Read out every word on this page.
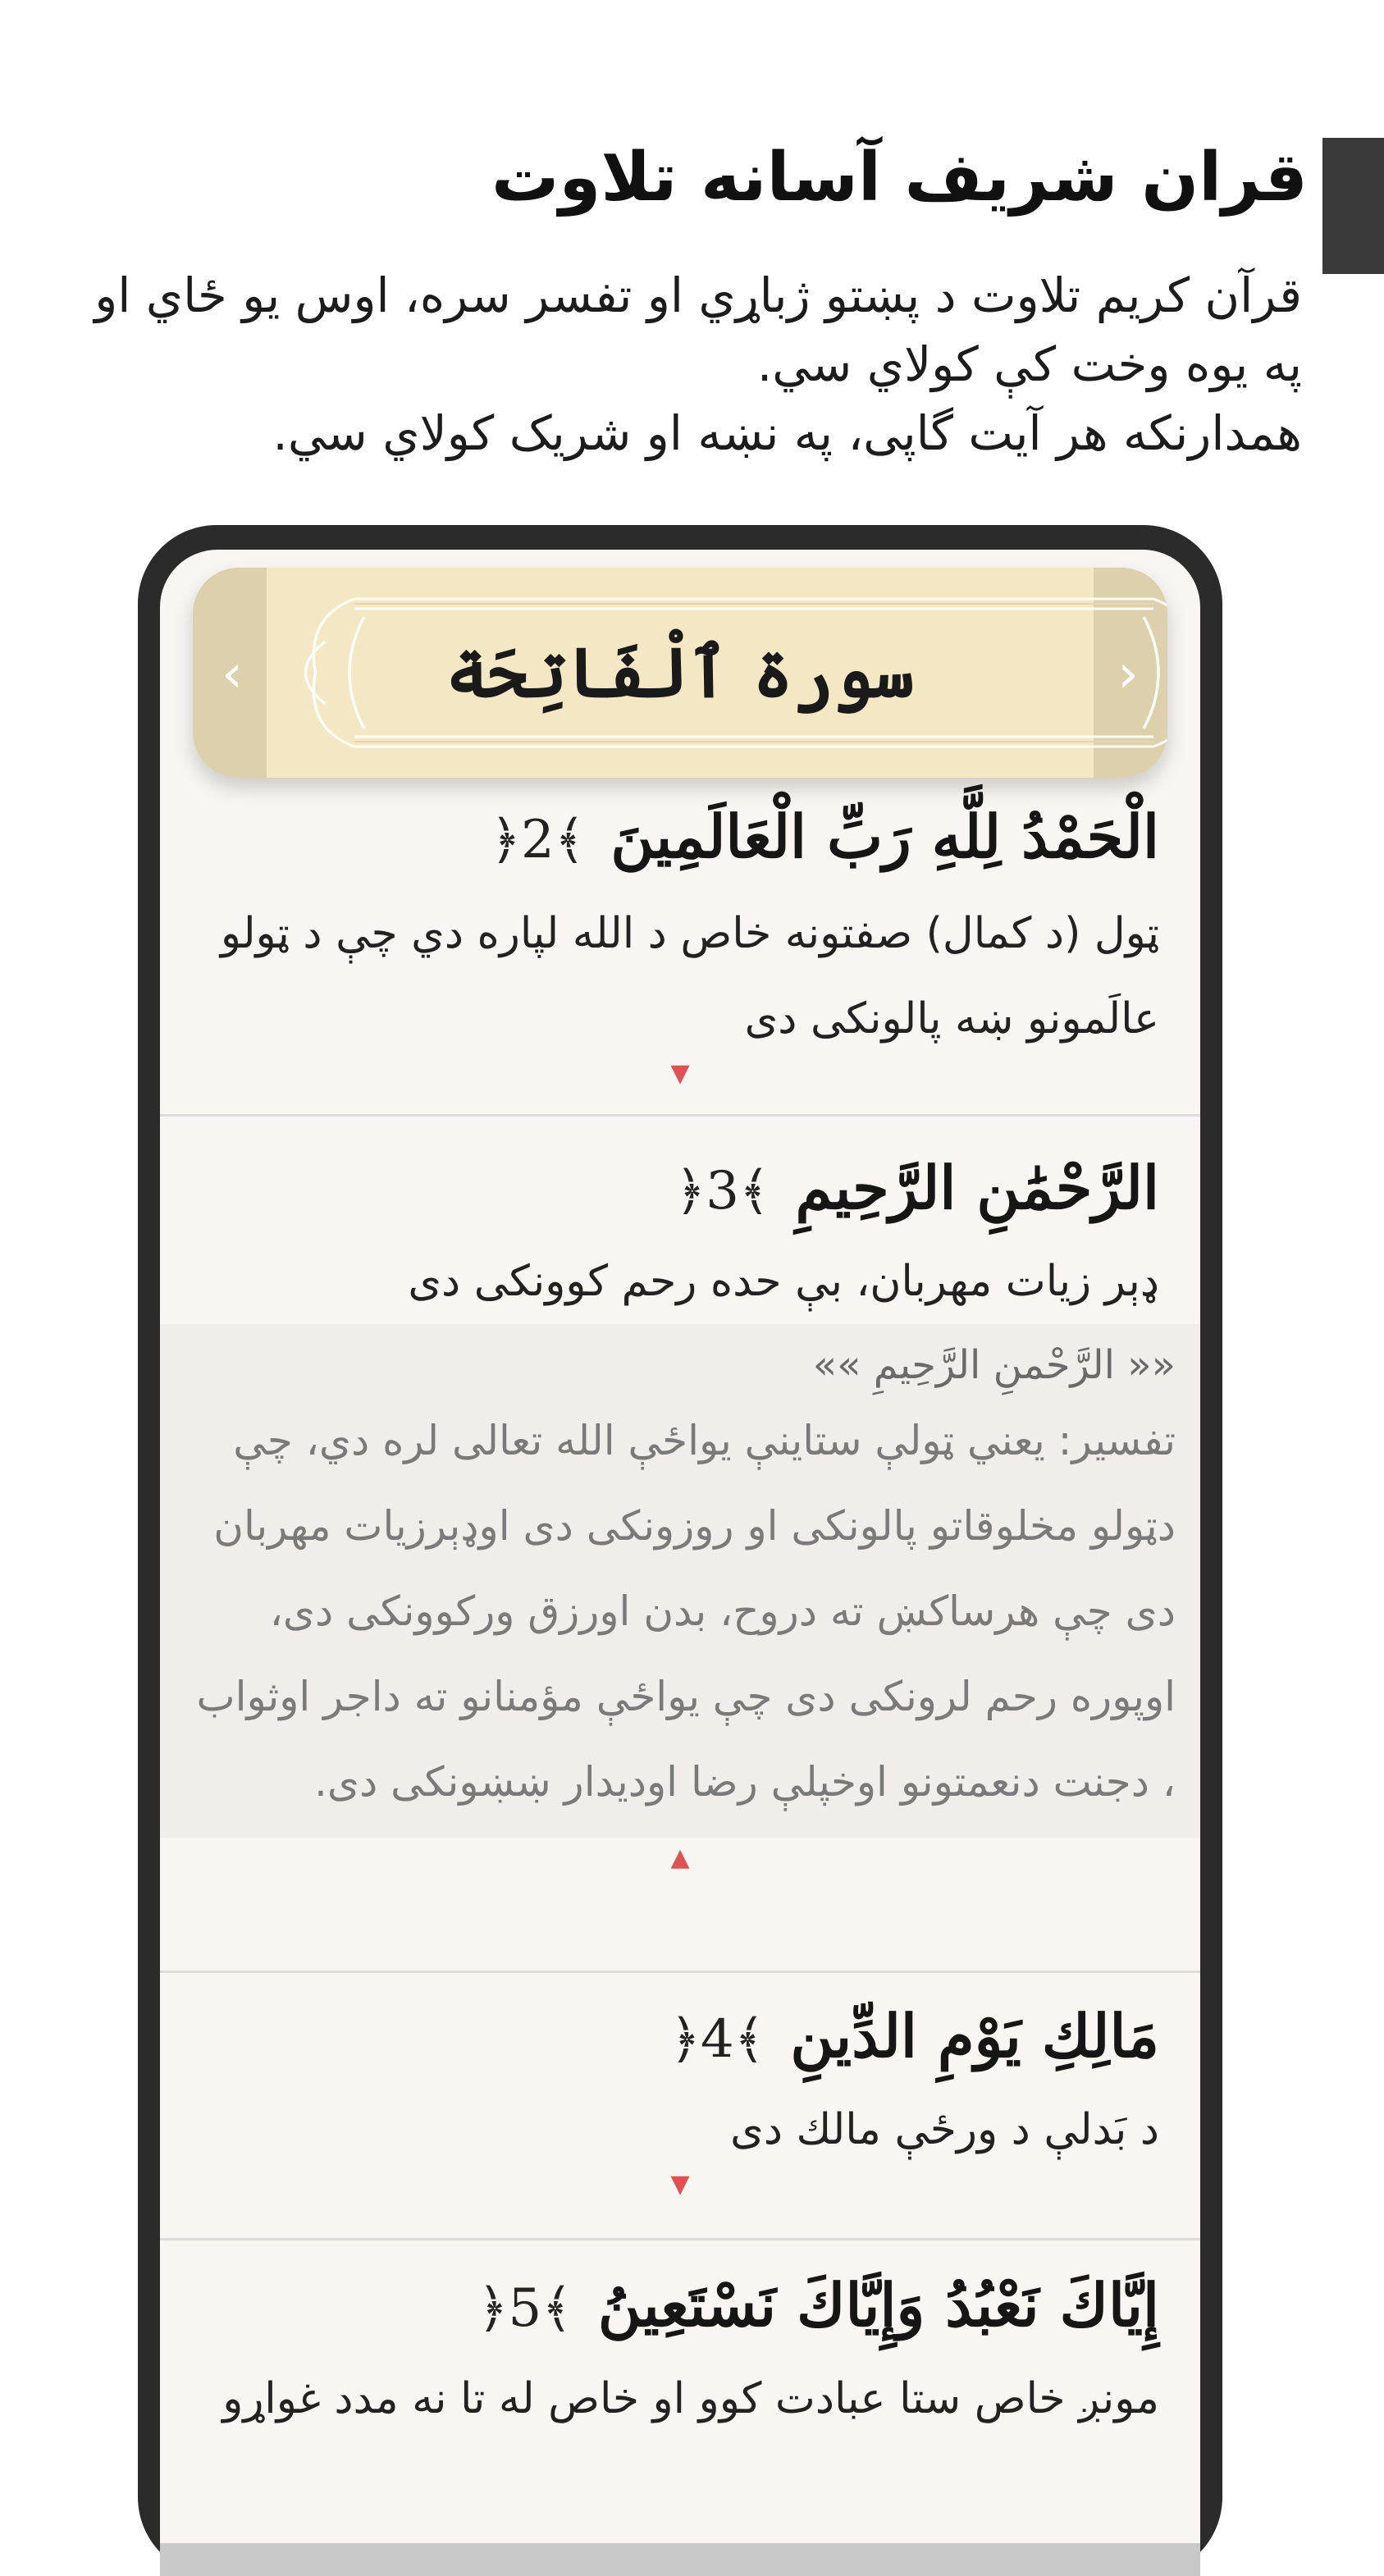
قران شریف آسانه تلاوت

قرآن کریم تلاوت د پښتو ژباړي او تفسر سره، اوس یو ځاي او په یوه وخت کې کولاي سي.

همدارنکه هر آیت گاپی، په نښه او شریک کولاي سي.

‹	›
سورة ٱلْفَاتِحَة
الْحَمْدُ لِلَّهِ رَبِّ الْعَالَمِينَ ﴾2﴿
ټول (د کمال) صفتونه خاص د الله لپاره دي چې د ټولو عالَمونو ښه پالونکی دی
▼
الرَّحْمَٰنِ الرَّحِيمِ ﴾3﴿
ډېر زيات مهربان، بې حده رحم كوونكى دى
«« الرَّحْمنِ الرَّحِيمِ »»
تفسیر: یعني ټولې ستاینې یواځې الله تعالی لره دي، چې دټولو مخلوقاتو پالونکی او روزونکی دی اوډېرزیات مهربان دی چې هرساکښ ته دروح، بدن اورزق ورکوونکی دی، اوپوره رحم لرونکی دی چې یواځې مؤمنانو ته داجر اوثواب ، دجنت دنعمتونو اوخپلې رضا اودیدار ښښونکی دی.
▲
مَالِكِ يَوْمِ الدِّينِ ﴾4﴿
د بَدلې د ورځې مالك دى
▼
إِيَّاكَ نَعْبُدُ وَإِيَّاكَ نَسْتَعِينُ ﴾5﴿
مونږ خاص ستا عبادت كوو او خاص له تا نه مدد غواړو
